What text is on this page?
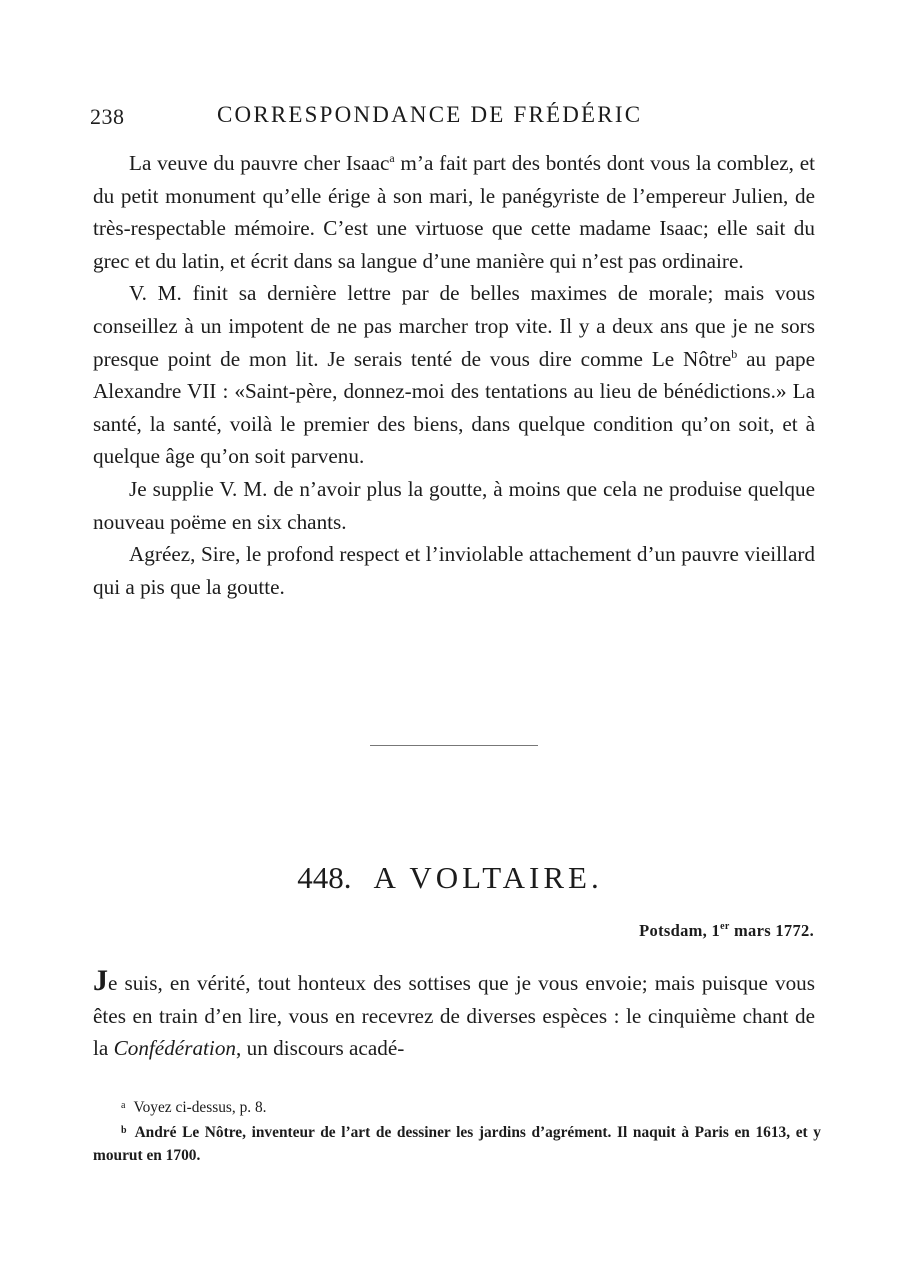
238	CORRESPONDANCE DE FRÉDÉRIC

La veuve du pauvre cher Isaac$^a$ m’a fait part des bontés dont vous la comblez, et du petit monument qu’elle érige à son mari, le panégyriste de l’empereur Julien, de très-respectable mémoire. C’est une virtuose que cette madame Isaac; elle sait du grec et du latin, et écrit dans sa langue d’une manière qui n’est pas ordinaire.

V. M. finit sa dernière lettre par de belles maximes de morale; mais vous conseillez à un impotent de ne pas marcher trop vite. Il y a deux ans que je ne sors presque point de mon lit. Je serais tenté de vous dire comme Le Nôtre$^b$ au pape Alexandre VII : «Saint-père, donnez-moi des tentations au lieu de bénédictions.» La santé, la santé, voilà le premier des biens, dans quelque condition qu’on soit, et à quelque âge qu’on soit parvenu.

Je supplie V. M. de n’avoir plus la goutte, à moins que cela ne produise quelque nouveau poëme en six chants.

Agréez, Sire, le profond respect et l’inviolable attachement d’un pauvre vieillard qui a pis que la goutte.

448. A VOLTAIRE.
Potsdam, 1er mars 1772.

Je suis, en vérité, tout honteux des sottises que je vous envoie; mais puisque vous êtes en train d’en lire, vous en recevrez de diverses espèces : le cinquième chant de la Confédération, un discours acadé-

$^a$ Voyez ci-dessus, p. 8.

$^b$ André Le Nôtre, inventeur de l’art de dessiner les jardins d’agrément. Il naquit à Paris en 1613, et y mourut en 1700.
